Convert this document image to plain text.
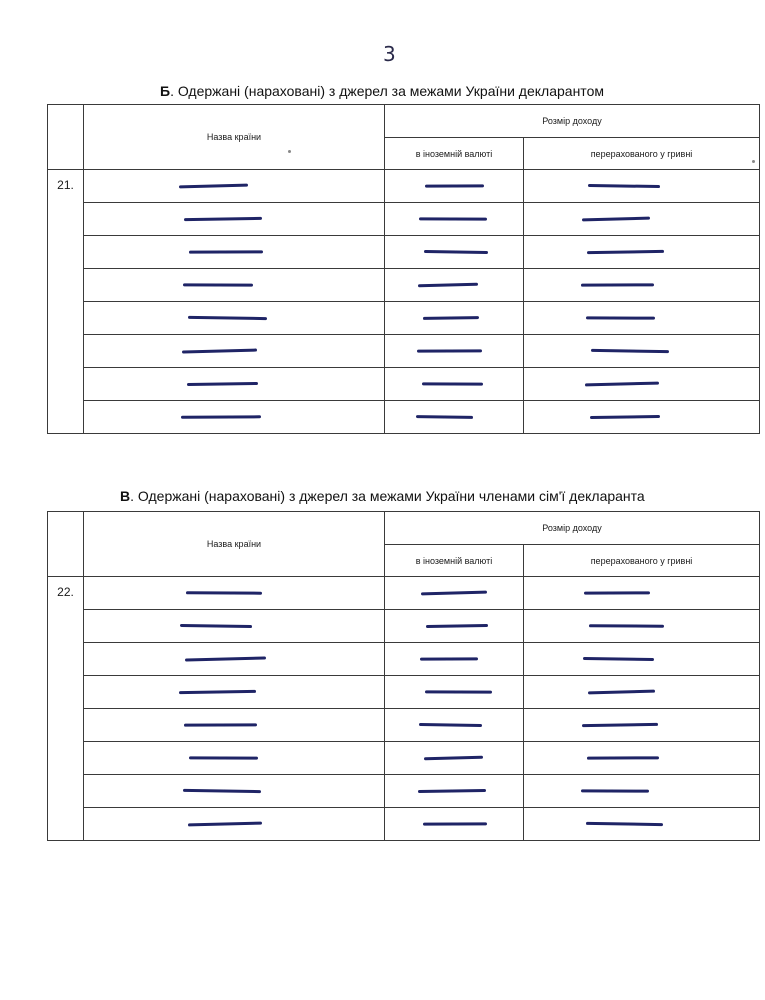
3
Б. Одержані (нараховані) з джерел за межами України декларантом
	Назва країни	Розмір доходу	
		в іноземній валюті	перерахованого у гривні
21.	

В. Одержані (нараховані) з джерел за межами України членами сім'ї декларанта
	Назва країни	Розмір доходу	
		в іноземній валюті	перерахованого у гривні
22.	
